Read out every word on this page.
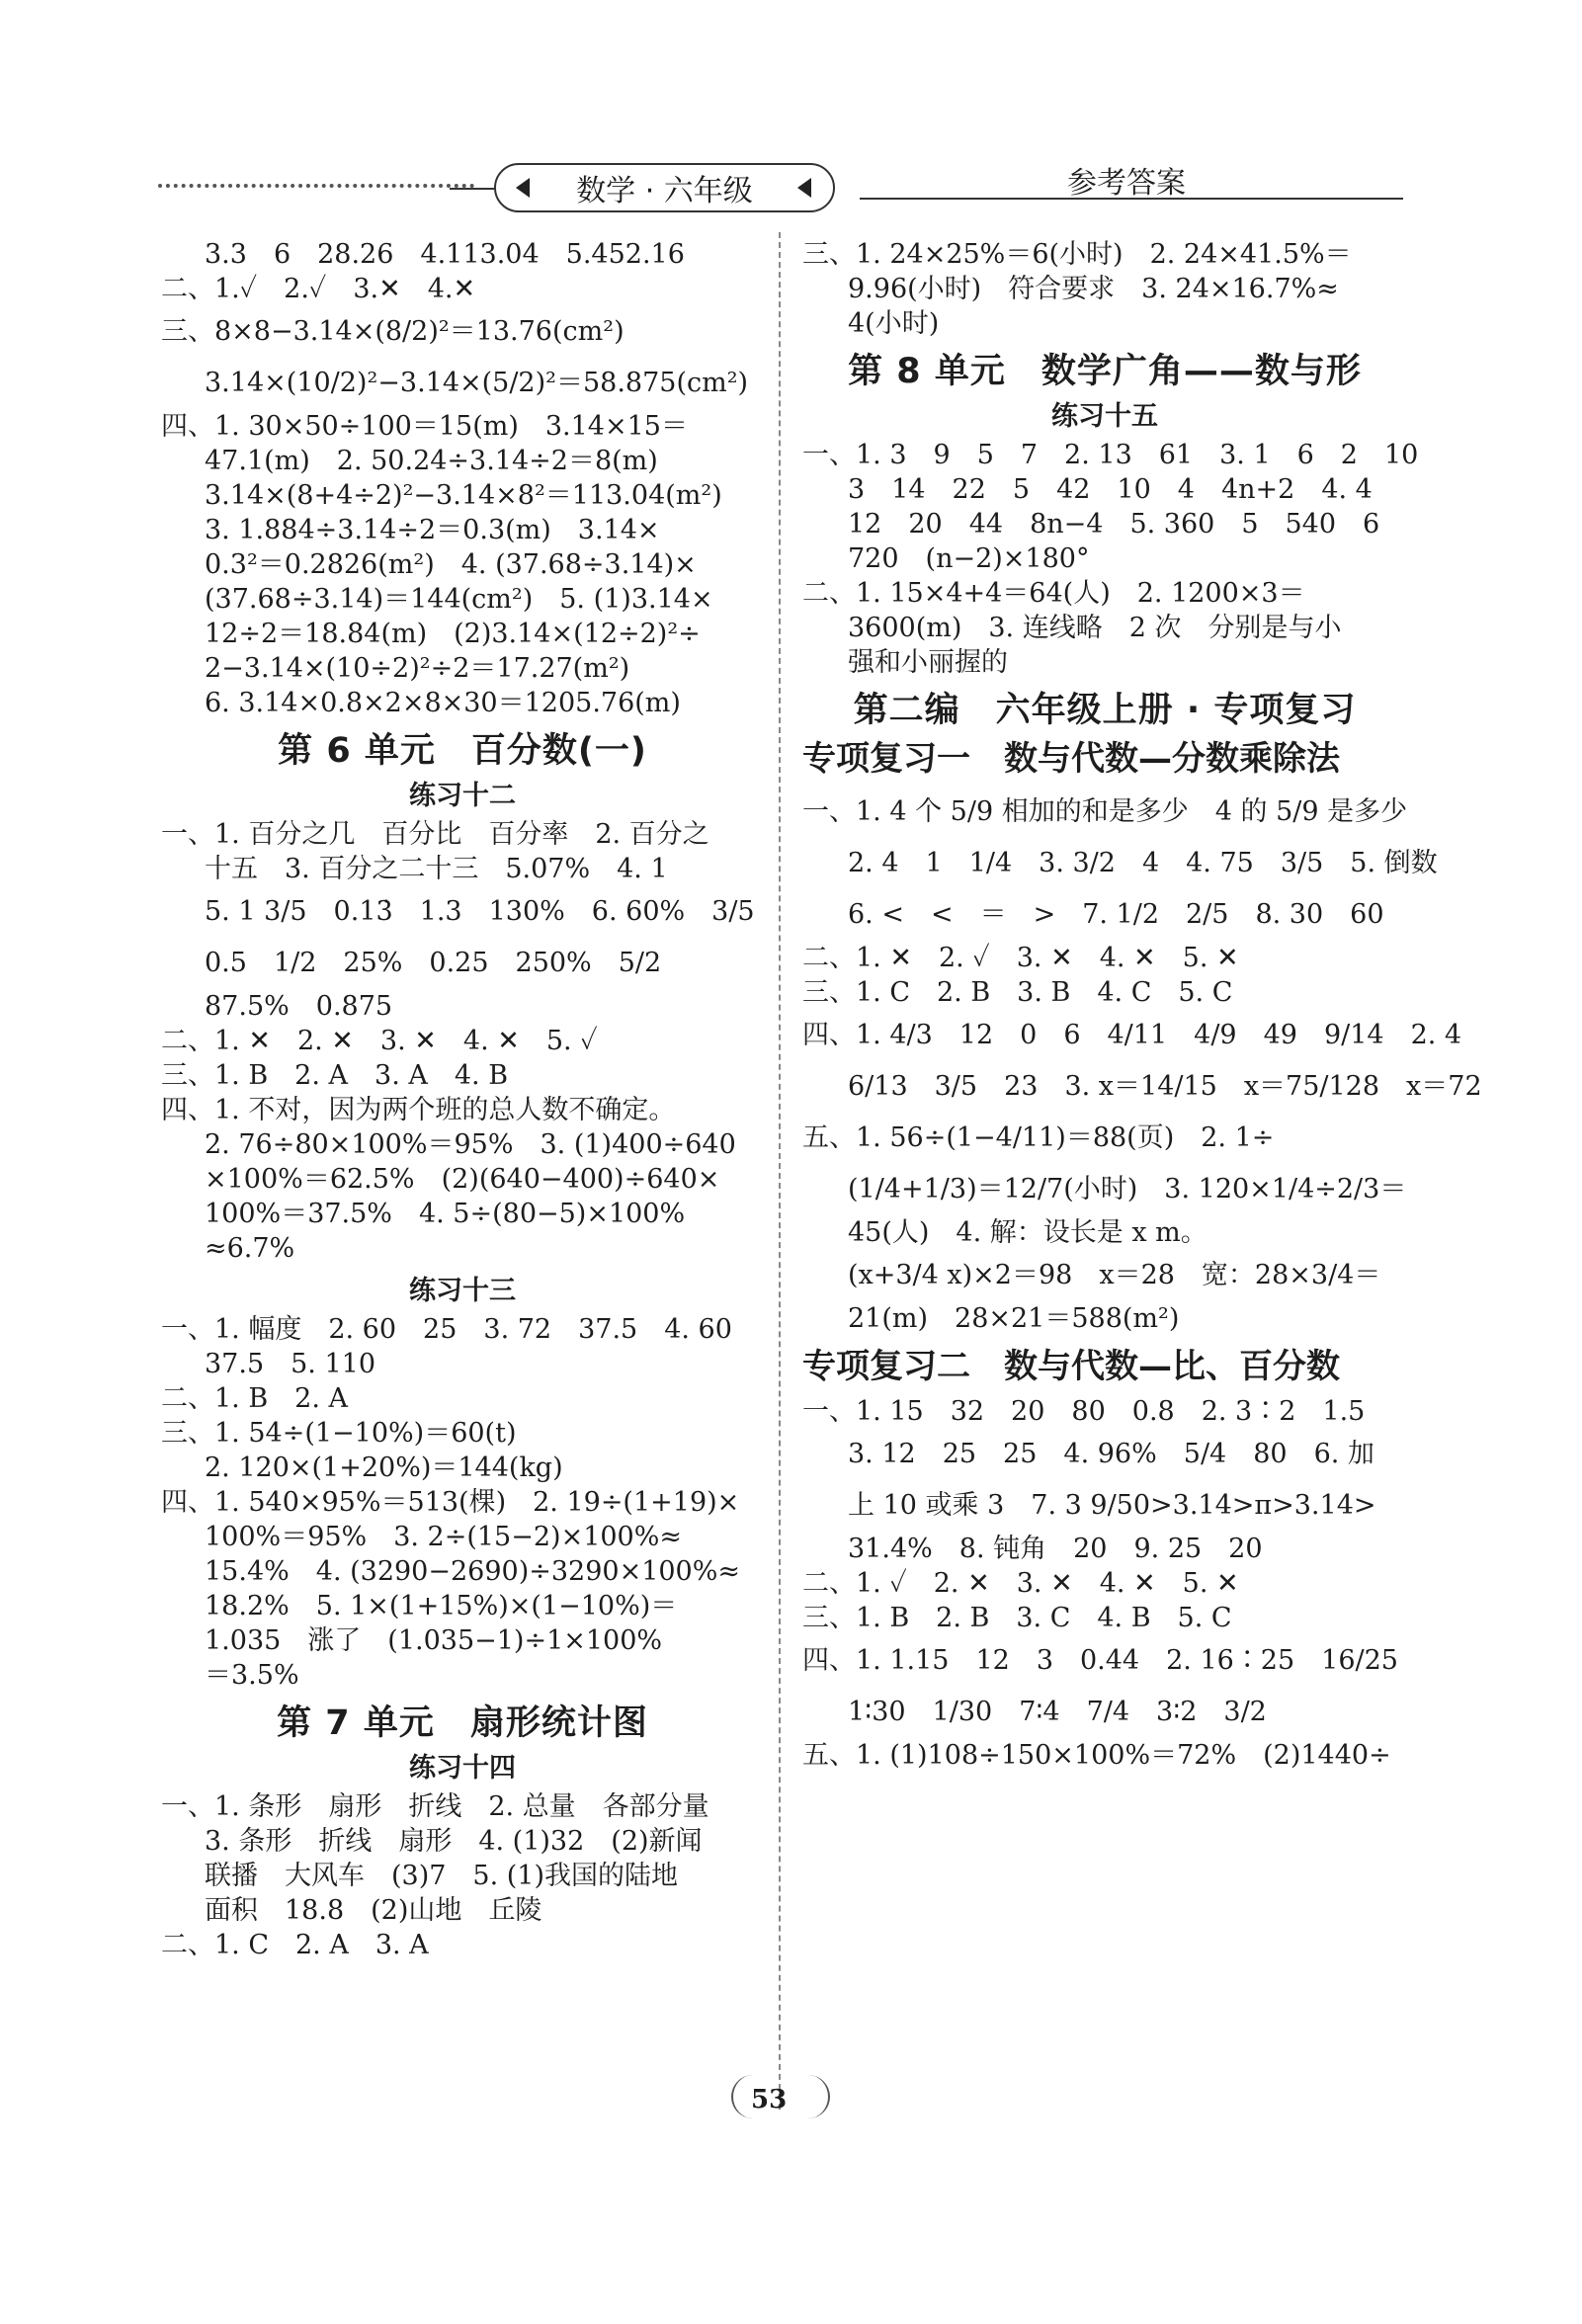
数学 · 六年级	参考答案
3.3　6　28.26　4.113.04　5.452.16
二、1.✓　2.✓　3.✕　4.✕
三、8×8−3.14×(8/2)²＝13.76(cm²)
3.14×(10/2)²−3.14×(5/2)²＝58.875(cm²)
四、1. 30×50÷100＝15(m)　3.14×15＝
47.1(m)　2. 50.24÷3.14÷2＝8(m)
3.14×(8+4÷2)²−3.14×8²＝113.04(m²)
3. 1.884÷3.14÷2＝0.3(m)　3.14×
0.3²＝0.2826(m²)　4. (37.68÷3.14)×
(37.68÷3.14)＝144(cm²)　5. (1)3.14×
12÷2＝18.84(m)　(2)3.14×(12÷2)²÷
2−3.14×(10÷2)²÷2＝17.27(m²)
6. 3.14×0.8×2×8×30＝1205.76(m)
第 6 单元　百分数(一)
练习十二
一、1. 百分之几　百分比　百分率　2. 百分之
十五　3. 百分之二十三　5.07%　4. 1
5. 1 3/5　0.13̇　1.3　130%　6. 60%　3/5
0.5　1/2　25%　0.25　250%　5/2
87.5%　0.875
二、1. ✕　2. ✕　3. ✕　4. ✕　5. ✓
三、1. B　2. A　3. A　4. B
四、1. 不对，因为两个班的总人数不确定。
2. 76÷80×100%＝95%　3. (1)400÷640
×100%＝62.5%　(2)(640−400)÷640×
100%＝37.5%　4. 5÷(80−5)×100%
≈6.7%
练习十三
一、1. 幅度　2. 60　25　3. 72　37.5　4. 60
37.5　5. 110
二、1. B　2. A
三、1. 54÷(1−10%)＝60(t)
2. 120×(1+20%)＝144(kg)
四、1. 540×95%＝513(棵)　2. 19÷(1+19)×
100%＝95%　3. 2÷(15−2)×100%≈
15.4%　4. (3290−2690)÷3290×100%≈
18.2%　5. 1×(1+15%)×(1−10%)＝
1.035　涨了　(1.035−1)÷1×100%
＝3.5%
第 7 单元　扇形统计图
练习十四
一、1. 条形　扇形　折线　2. 总量　各部分量
3. 条形　折线　扇形　4. (1)32　(2)新闻
联播　大风车　(3)7　5. (1)我国的陆地
面积　18.8　(2)山地　丘陵
二、1. C　2. A　3. A
三、1. 24×25%＝6(小时)　2. 24×41.5%＝
9.96(小时)　符合要求　3. 24×16.7%≈
4(小时)
第 8 单元　数学广角——数与形
练习十五
一、1. 3　9　5　7　2. 13　61　3. 1　6　2　10
3　14　22　5　42　10　4　4n+2　4. 4
12　20　44　8n−4　5. 360　5　540　6
720　(n−2)×180°
二、1. 15×4+4＝64(人)　2. 1200×3＝
3600(m)　3. 连线略　2 次　分别是与小
强和小丽握的
第二编　六年级上册 · 专项复习
专项复习一　数与代数—分数乘除法
一、1. 4 个 5/9 相加的和是多少　4 的 5/9 是多少
2. 4　1　1/4　3. 3/2　4　4. 75　3/5　5. 倒数
6. <　<　＝　>　7. 1/2　2/5　8. 30　60
二、1. ✕　2. ✓　3. ✕　4. ✕　5. ✕
三、1. C　2. B　3. B　4. C　5. C
四、1. 4/3　12　0　6　4/11　4/9　49　9/14　2. 4
6/13　3/5　23　3. x＝14/15　x＝75/128　x＝72
五、1. 56÷(1−4/11)＝88(页)　2. 1÷
(1/4+1/3)＝12/7(小时)　3. 120×1/4÷2/3＝
45(人)　4. 解：设长是 x m。
(x+3/4 x)×2＝98　x＝28　宽：28×3/4＝
21(m)　28×21＝588(m²)
专项复习二　数与代数—比、百分数
一、1. 15　32　20　80　0.8　2. 3∶2　1.5
3. 12　25　25　4. 96%　5/4　80　6. 加
上 10 或乘 3　7. 3 9/50>3.14̇>π>3.14>
31.4%　8. 钝角　20　9. 25　20
二、1. ✓　2. ✕　3. ✕　4. ✕　5. ✕
三、1. B　2. B　3. C　4. B　5. C
四、1. 1.15　12　3　0.44　2. 16∶25　16/25
1∶30　1/30　7∶4　7/4　3∶2　3/2
五、1. (1)108÷150×100%＝72%　(2)1440÷
53
